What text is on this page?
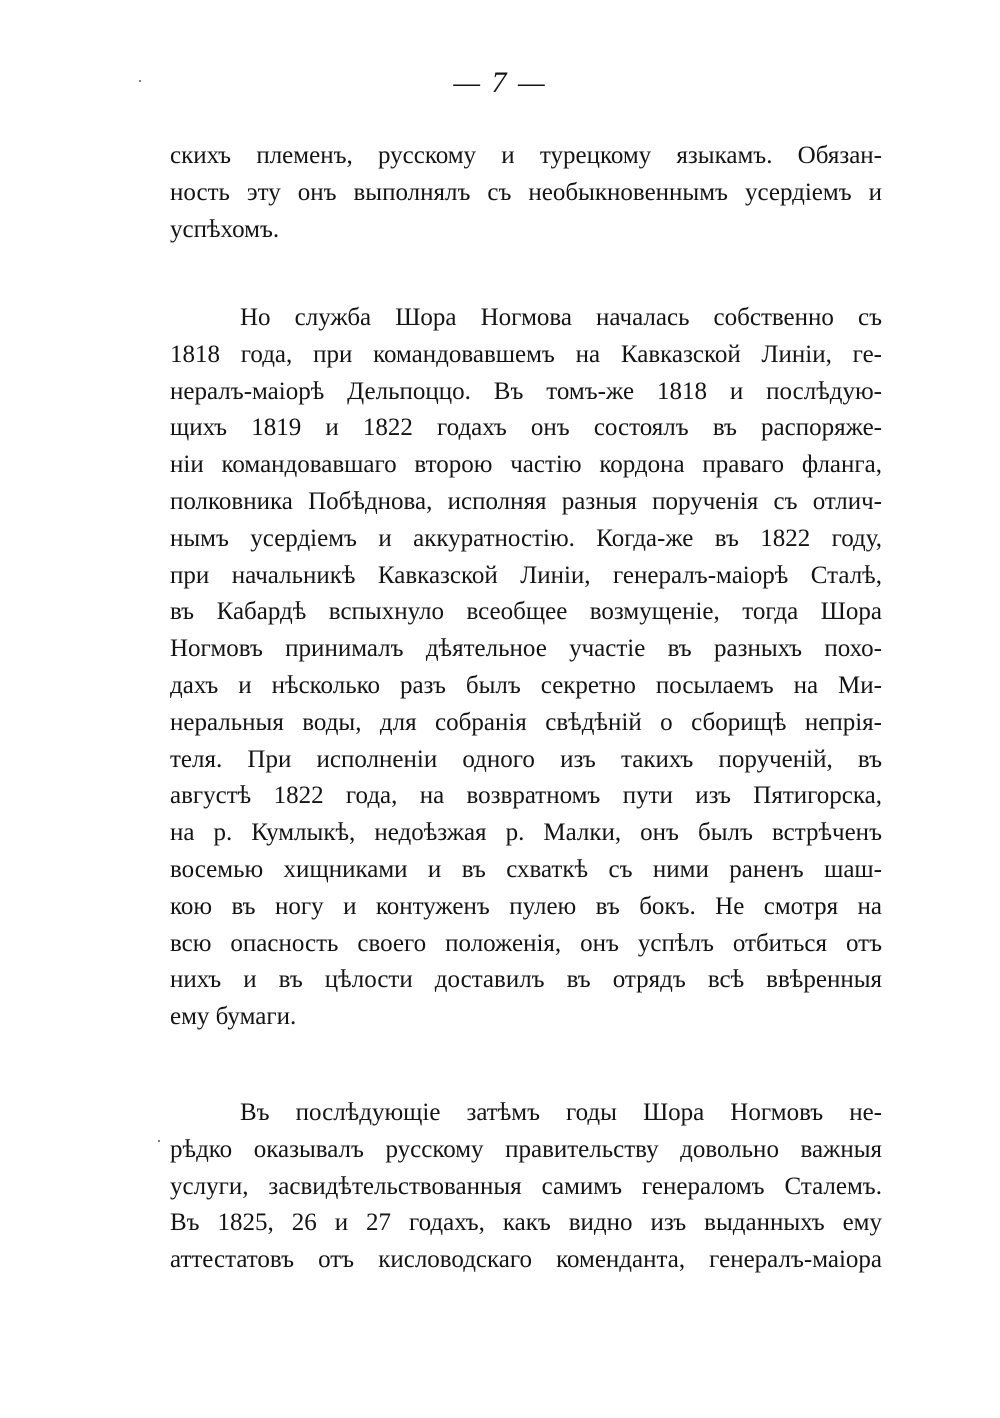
— 7 —
скихъ племенъ, русскому и турецкому языкамъ. Обязан-
ность эту онъ выполнялъ съ необыкновеннымъ усердіемъ и
успѣхомъ.
Но служба Шора Ногмова началась собственно съ
1818 года, при командовавшемъ на Кавказской Линіи, ге-
нералъ-маіорѣ Дельпоццо. Въ томъ-же 1818 и послѣдую-
щихъ 1819 и 1822 годахъ онъ состоялъ въ распоряже-
ніи командовавшаго второю частію кордона праваго фланга,
полковника Побѣднова, исполняя разныя порученія съ отлич-
нымъ усердіемъ и аккуратностію. Когда-же въ 1822 году,
при начальникѣ Кавказской Линіи, генералъ-маіорѣ Сталѣ,
въ Кабардѣ вспыхнуло всеобщее возмущеніе, тогда Шора
Ногмовъ принималъ дѣятельное участіе въ разныхъ похо-
дахъ и нѣсколько разъ былъ секретно посылаемъ на Ми-
неральныя воды, для собранія свѣдѣній о сборищѣ непрія-
теля. При исполненіи одного изъ такихъ порученій, въ
августѣ 1822 года, на возвратномъ пути изъ Пятигорска,
на р. Кумлыкѣ, недоѣзжая р. Малки, онъ былъ встрѣченъ
восемью хищниками и въ схваткѣ съ ними раненъ шаш-
кою въ ногу и контуженъ пулею въ бокъ. Не смотря на
всю опасность своего положенія, онъ успѣлъ отбиться отъ
нихъ и въ цѣлости доставилъ въ отрядъ всѣ ввѣренныя
ему бумаги.
Въ послѣдующіе затѣмъ годы Шора Ногмовъ не-
рѣдко оказывалъ русскому правительству довольно важныя
услуги, засвидѣтельствованныя самимъ генераломъ Сталемъ.
Въ 1825, 26 и 27 годахъ, какъ видно изъ выданныхъ ему
аттестатовъ отъ кисловодскаго коменданта, генералъ-маіора
